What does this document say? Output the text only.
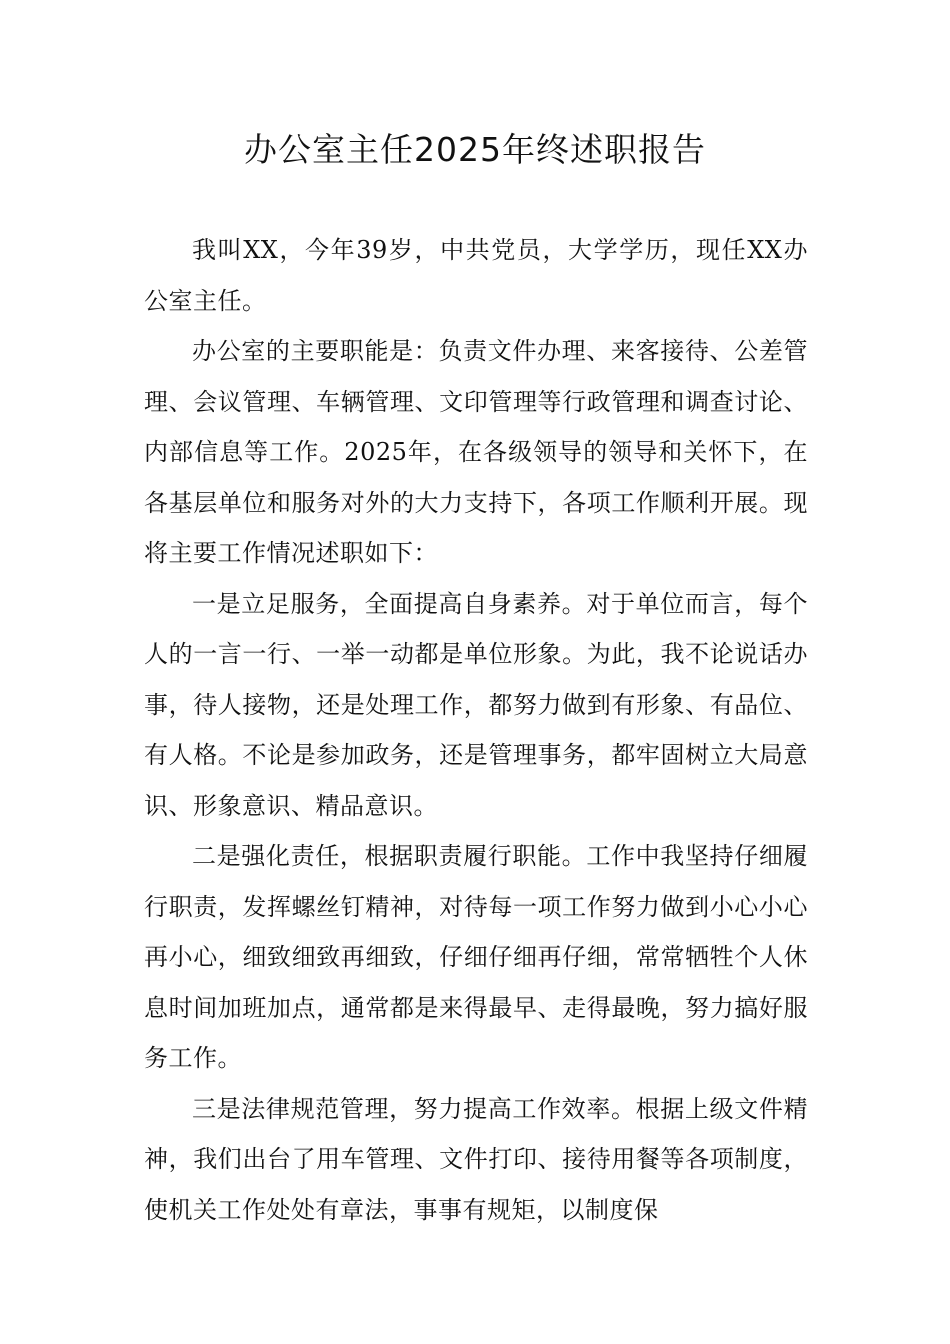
办公室主任2025年终述职报告

我叫XX，今年39岁，中共党员，大学学历，现任XX办公室主任。

办公室的主要职能是：负责文件办理、来客接待、公差管理、会议管理、车辆管理、文印管理等行政管理和调查讨论、内部信息等工作。2025年，在各级领导的领导和关怀下，在各基层单位和服务对外的大力支持下，各项工作顺利开展。现将主要工作情况述职如下：

一是立足服务，全面提高自身素养。对于单位而言，每个人的一言一行、一举一动都是单位形象。为此，我不论说话办事，待人接物，还是处理工作，都努力做到有形象、有品位、有人格。不论是参加政务，还是管理事务，都牢固树立大局意识、形象意识、精品意识。

二是强化责任，根据职责履行职能。工作中我坚持仔细履行职责，发挥螺丝钉精神，对待每一项工作努力做到小心小心再小心，细致细致再细致，仔细仔细再仔细，常常牺牲个人休息时间加班加点，通常都是来得最早、走得最晚，努力搞好服务工作。

三是法律规范管理，努力提高工作效率。根据上级文件精神，我们出台了用车管理、文件打印、接待用餐等各项制度，使机关工作处处有章法，事事有规矩，以制度保
